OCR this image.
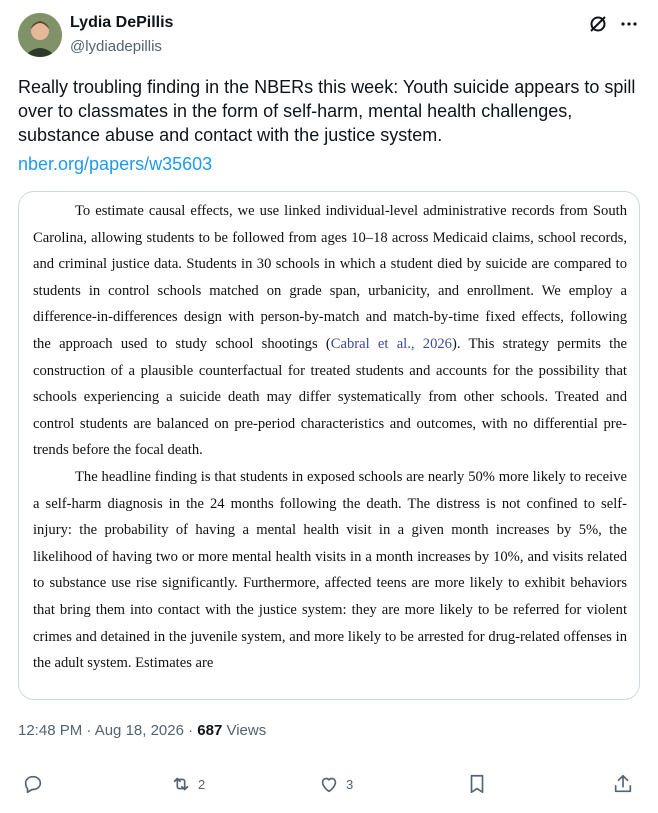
Lydia DePillis
@lydiadepillis

Really troubling finding in the NBERs this week: Youth suicide appears to spill over to classmates in the form of self-harm, mental health challenges, substance abuse and contact with the justice system.

nber.org/papers/w35603

To estimate causal effects, we use linked individual-level administrative records from South Carolina, allowing students to be followed from ages 10–18 across Medicaid claims, school records, and criminal justice data. Students in 30 schools in which a student died by suicide are compared to students in control schools matched on grade span, urbanicity, and enrollment. We employ a difference-in-differences design with person-by-match and match-by-time fixed effects, following the approach used to study school shootings (Cabral et al., 2026). This strategy permits the construction of a plausible counterfactual for treated students and accounts for the possibility that schools experiencing a suicide death may differ systematically from other schools. Treated and control students are balanced on pre-period characteristics and outcomes, with no differential pre-trends before the focal death.

The headline finding is that students in exposed schools are nearly 50% more likely to receive a self-harm diagnosis in the 24 months following the death. The distress is not confined to self-injury: the probability of having a mental health visit in a given month increases by 5%, the likelihood of having two or more mental health visits in a month increases by 10%, and visits related to substance use rise significantly. Furthermore, affected teens are more likely to exhibit behaviors that bring them into contact with the justice system: they are more likely to be referred for violent crimes and detained in the juvenile system, and more likely to be arrested for drug-related offenses in the adult system. Estimates are

12:48 PM · Aug 18, 2026 · 687 Views
2	3
